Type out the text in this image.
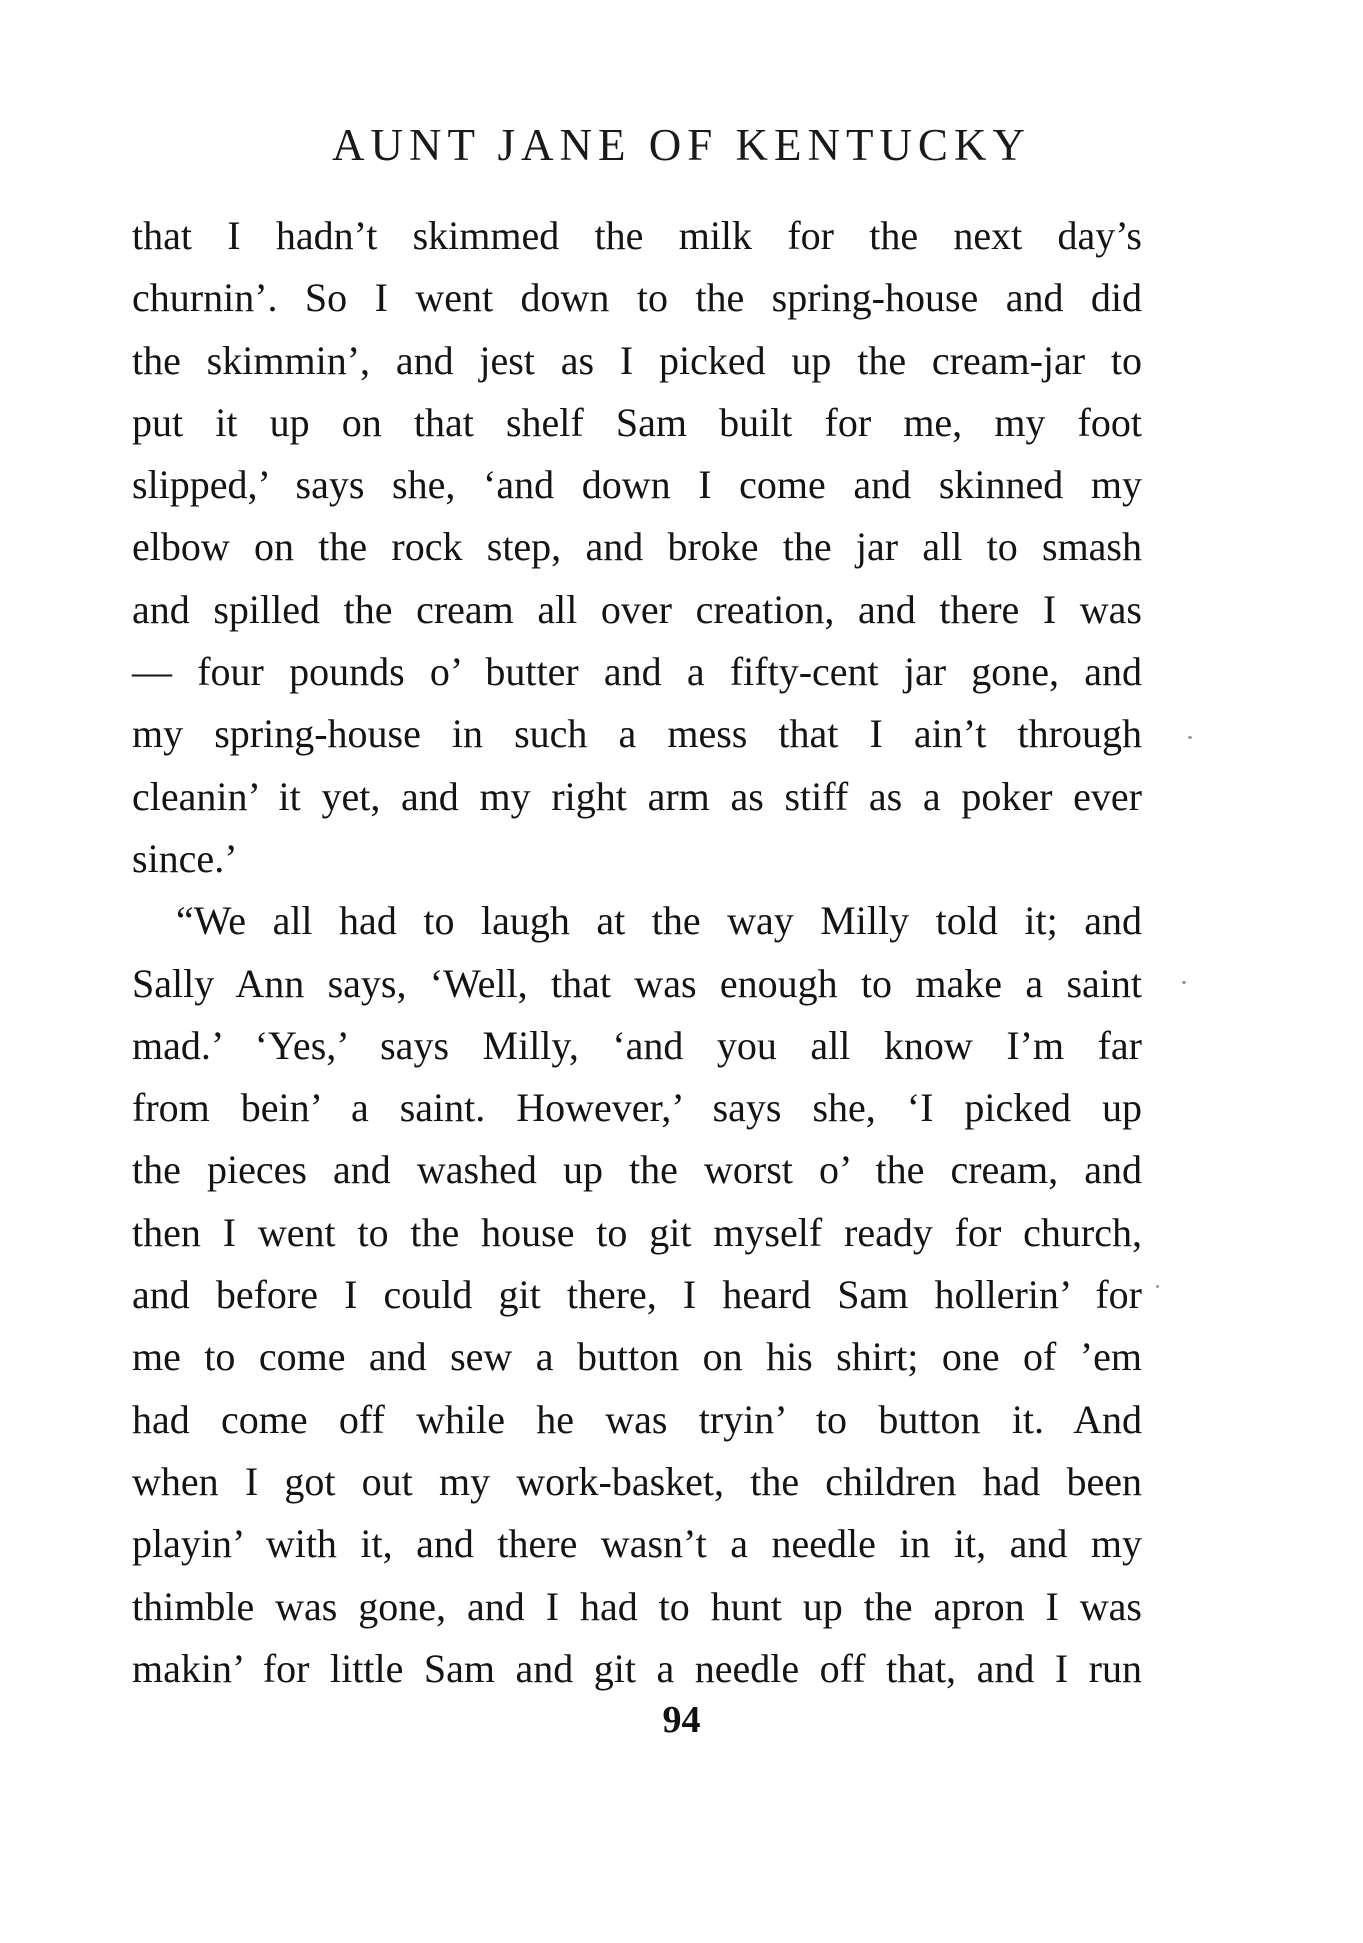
AUNT JANE OF KENTUCKY
that I hadn’t skimmed the milk for the next day’s
churnin’. So I went down to the spring-house and did
the skimmin’, and jest as I picked up the cream-jar to
put it up on that shelf Sam built for me, my foot
slipped,’ says she, ‘and down I come and skinned my
elbow on the rock step, and broke the jar all to smash
and spilled the cream all over creation, and there I was
— four pounds o’ butter and a fifty-cent jar gone, and
my spring-house in such a mess that I ain’t through
cleanin’ it yet, and my right arm as stiff as a poker ever
since.’
“We all had to laugh at the way Milly told it; and
Sally Ann says, ‘Well, that was enough to make a saint
mad.’ ‘Yes,’ says Milly, ‘and you all know I’m far
from bein’ a saint. However,’ says she, ‘I picked up
the pieces and washed up the worst o’ the cream, and
then I went to the house to git myself ready for church,
and before I could git there, I heard Sam hollerin’ for
me to come and sew a button on his shirt; one of ’em
had come off while he was tryin’ to button it. And
when I got out my work-basket, the children had been
playin’ with it, and there wasn’t a needle in it, and my
thimble was gone, and I had to hunt up the apron I was
makin’ for little Sam and git a needle off that, and I run
94
